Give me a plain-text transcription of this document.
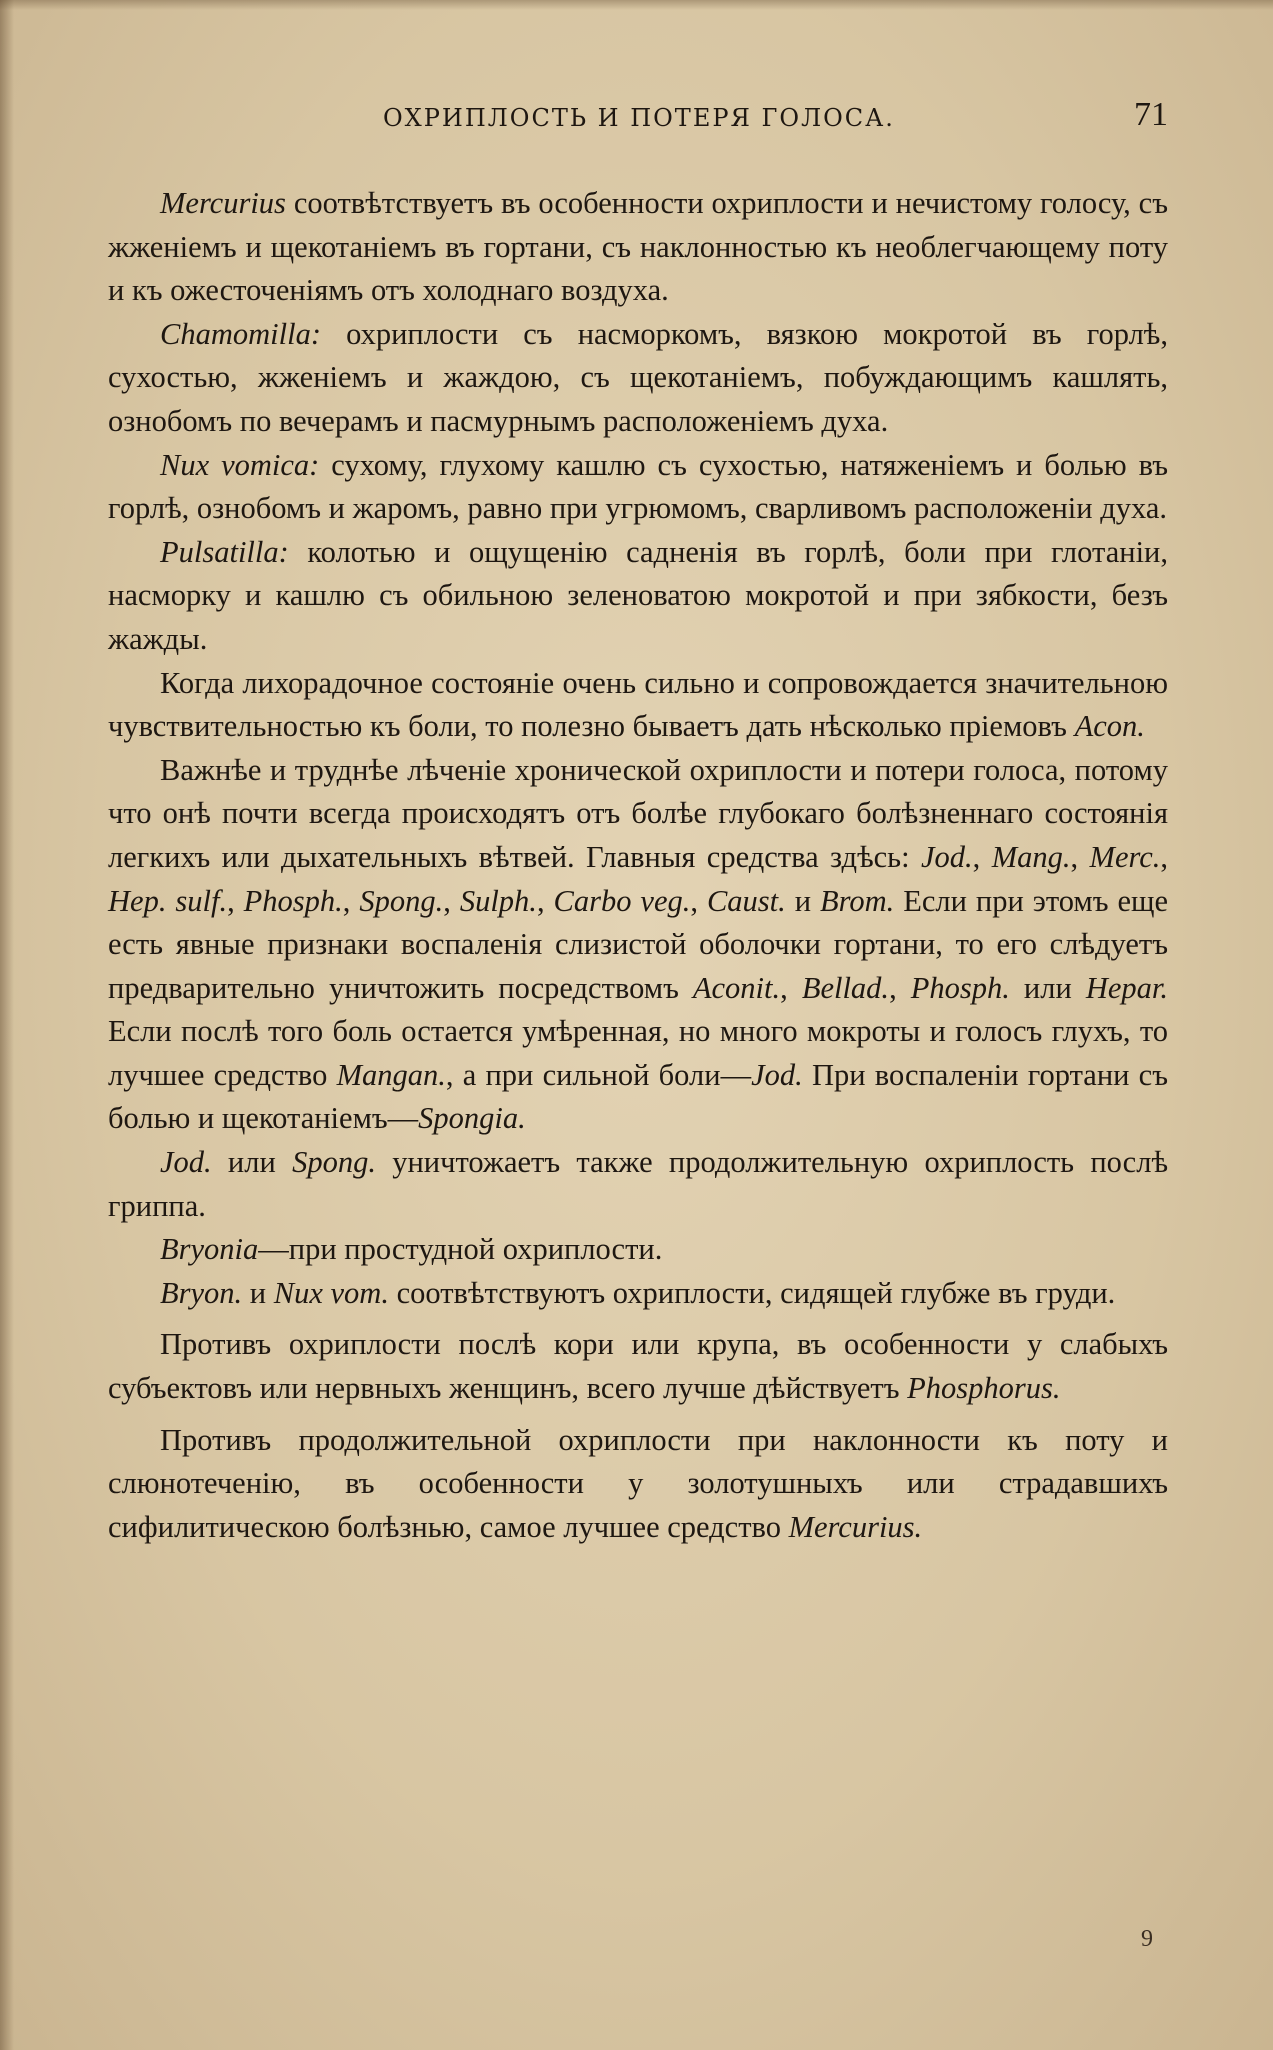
ОХРИПЛОСТЬ И ПОТЕРЯ ГОЛОСА.	71

Mercurius соотвѣтствуетъ въ особенности охриплости и нечистому голосу, съ жженіемъ и щекотаніемъ въ гортани, съ наклонностью къ необлегчающему поту и къ ожесточеніямъ отъ холоднаго воздуха.

Chamomilla: охриплости съ насморкомъ, вязкою мокротой въ горлѣ, сухостью, жженіемъ и жаждою, съ щекотаніемъ, побуждающимъ кашлять, ознобомъ по вечерамъ и пасмурнымъ расположеніемъ духа.

Nux vomica: сухому, глухому кашлю съ сухостью, натяженіемъ и болью въ горлѣ, ознобомъ и жаромъ, равно при угрюмомъ, сварливомъ расположеніи духа.

Pulsatilla: колотью и ощущенію садненія въ горлѣ, боли при глотаніи, насморку и кашлю съ обильною зеленоватою мокротой и при зябкости, безъ жажды.

Когда лихорадочное состояніе очень сильно и сопровождается значительною чувствительностью къ боли, то полезно бываетъ дать нѣсколько пріемовъ Acon.

Важнѣе и труднѣе лѣченіе хронической охриплости и потери голоса, потому что онѣ почти всегда происходятъ отъ болѣе глубокаго болѣзненнаго состоянія легкихъ или дыхательныхъ вѣтвей. Главныя средства здѣсь: Jod., Mang., Merc., Hep. sulf., Phosph., Spong., Sulph., Carbo veg., Caust. и Brom. Если при этомъ еще есть явные признаки воспаленія слизистой оболочки гортани, то его слѣдуетъ предварительно уничтожить посредствомъ Aconit., Bellad., Phosph. или Hepar. Если послѣ того боль остается умѣренная, но много мокроты и голосъ глухъ, то лучшее средство Mangan., а при сильной боли—Jod. При воспаленіи гортани съ болью и щекотаніемъ—Spongia.

Jod. или Spong. уничтожаетъ также продолжительную охриплость послѣ гриппа.

Bryonia—при простудной охриплости.

Bryon. и Nux vom. соотвѣтствуютъ охриплости, сидящей глубже въ груди.

Противъ охриплости послѣ кори или крупа, въ особенности у слабыхъ субъектовъ или нервныхъ женщинъ, всего лучше дѣйствуетъ Phosphorus.

Противъ продолжительной охриплости при наклонности къ поту и слюнотеченію, въ особенности у золотушныхъ или страдавшихъ сифилитическою болѣзнью, самое лучшее средство Mercurius.

9
